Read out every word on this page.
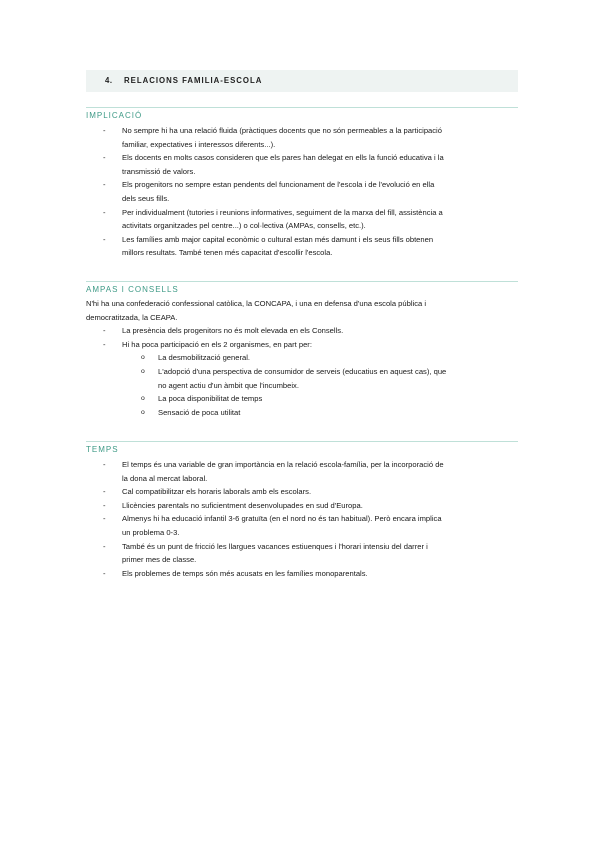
4. RELACIONS FAMILIA-ESCOLA
IMPLICACIÓ
- No sempre hi ha una relació fluida (pràctiques docents que no són permeables a la participació
familiar, expectatives i interessos diferents...).
- Els docents en molts casos consideren que els pares han delegat en ells la funció educativa i la
transmissió de valors.
- Els progenitors no sempre estan pendents del funcionament de l'escola i de l'evolució en ella
dels seus fills.
- Per individualment (tutories i reunions informatives, seguiment de la marxa del fill, assistència a
activitats organitzades pel centre...) o col·lectiva (AMPAs, consells, etc.).
- Les famílies amb major capital econòmic o cultural estan més damunt i els seus fills obtenen
millors resultats. També tenen més capacitat d'escollir l'escola.
AMPAS I CONSELLS

N'hi ha una confederació confessional catòlica, la CONCAPA, i una en defensa d'una escola pública i
democratitzada, la CEAPA.

- La presència dels progenitors no és molt elevada en els Consells.
- Hi ha poca participació en els 2 organismes, en part per:
o La desmobilització general.
o L'adopció d'una perspectiva de consumidor de serveis (educatius en aquest cas), que
no agent actiu d'un àmbit que l'incumbeix.
o La poca disponibilitat de temps
o Sensació de poca utilitat
TEMPS
- El temps és una variable de gran importància en la relació escola-família, per la incorporació de
la dona al mercat laboral.
- Cal compatibilitzar els horaris laborals amb els escolars.
- Llicències parentals no suficientment desenvolupades en sud d'Europa.
- Almenys hi ha educació infantil 3-6 gratuïta (en el nord no és tan habitual). Però encara implica
un problema 0-3.
- També és un punt de fricció les llargues vacances estiuenques i l'horari intensiu del darrer i
primer mes de classe.
- Els problemes de temps són més acusats en les famílies monoparentals.
